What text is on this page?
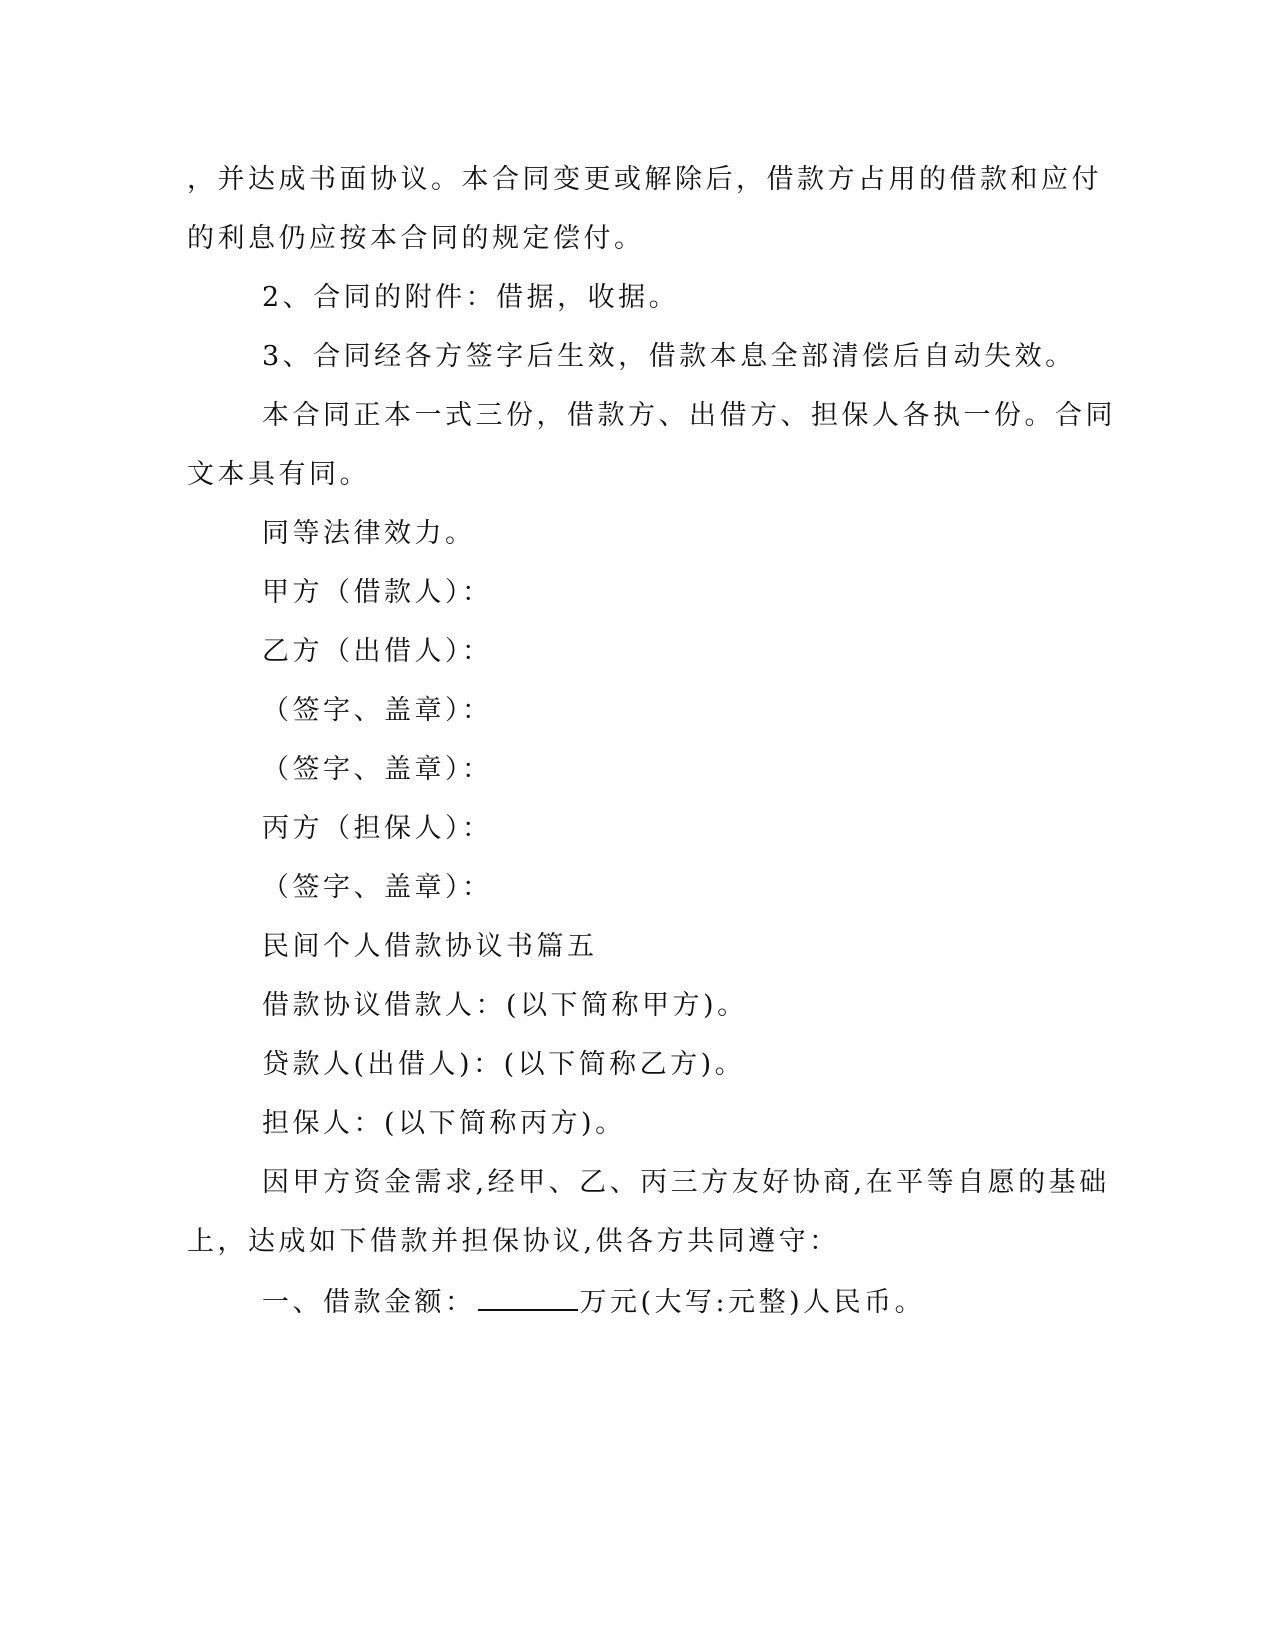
，并达成书面协议。本合同变更或解除后，借款方占用的借款和应付
的利息仍应按本合同的规定偿付。
2、合同的附件：借据，收据。
3、合同经各方签字后生效，借款本息全部清偿后自动失效。
本合同正本一式三份，借款方、出借方、担保人各执一份。合同
文本具有同。
同等法律效力。
甲方（借款人）：
乙方（出借人）：
（签字、盖章）：
（签字、盖章）：
丙方（担保人）：
（签字、盖章）：
民间个人借款协议书篇五
借款协议借款人：(以下简称甲方)。
贷款人(出借人)：(以下简称乙方)。
担保人：(以下简称丙方)。
因甲方资金需求,经甲、乙、丙三方友好协商,在平等自愿的基础
上，达成如下借款并担保协议,供各方共同遵守：
一、借款金额：	万元(大写:元整)人民币。
